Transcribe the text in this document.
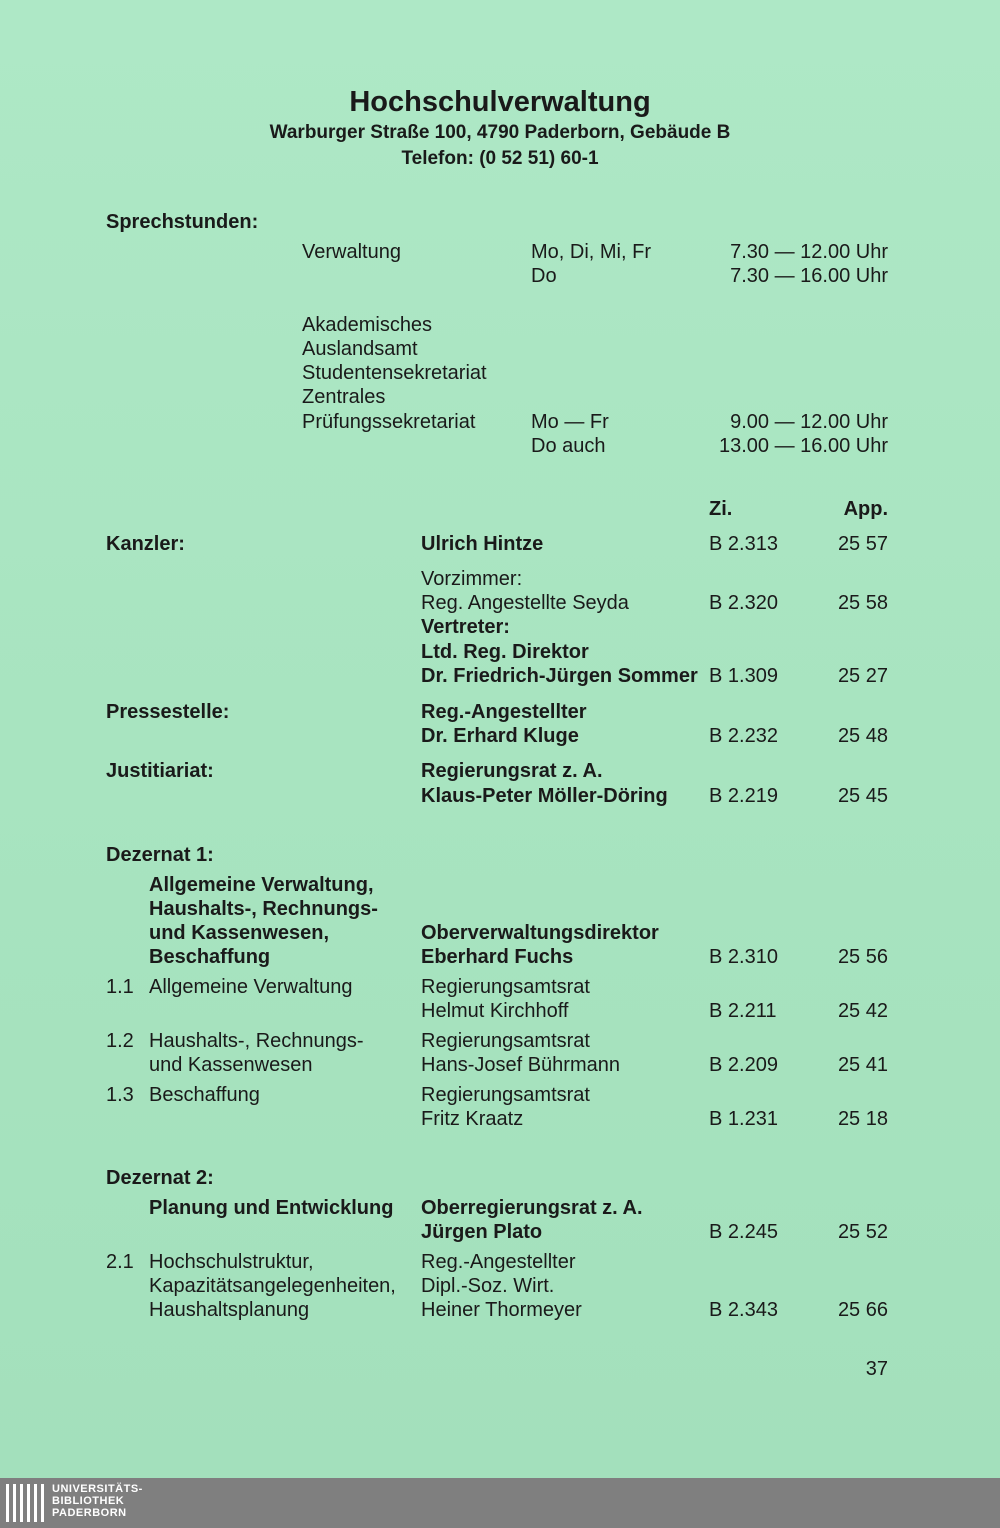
Hochschulverwaltung
Warburger Straße 100, 4790 Paderborn, Gebäude B
Telefon: (0 52 51) 60-1
Sprechstunden:
Verwaltung	Mo, Di, Mi, Fr	7.30 — 12.00 Uhr
Do	7.30 — 16.00 Uhr
Akademisches
Auslandsamt
Studentensekretariat
Zentrales
Prüfungssekretariat	Mo — Fr	9.00 — 12.00 Uhr
Do auch	13.00 — 16.00 Uhr
Zi.	App.
Kanzler:	Ulrich Hintze	B 2.313	25 57
Vorzimmer:
Reg. Angestellte Seyda	B 2.320	25 58
Vertreter:
Ltd. Reg. Direktor
Dr. Friedrich-Jürgen Sommer B 1.309	25 27
Pressestelle:	Reg.-Angestellter
Dr. Erhard Kluge	B 2.232	25 48
Justitiariat:	Regierungsrat z. A.
Klaus-Peter Möller-Döring B 2.219	25 45
Dezernat 1:
Allgemeine Verwaltung,
Haushalts-, Rechnungs-
und Kassenwesen,
Beschaffung
Oberverwaltungsdirektor
Eberhard Fuchs	B 2.310	25 56
1.1 Allgemeine Verwaltung	Regierungsamtsrat
Helmut Kirchhoff	B 2.211	25 42
1.2 Haushalts-, Rechnungs-
und Kassenwesen
Regierungsamtsrat
Hans-Josef Bührmann	B 2.209	25 41
1.3 Beschaffung	Regierungsamtsrat
Fritz Kraatz	B 1.231	25 18
Dezernat 2:
Planung und Entwicklung Oberregierungsrat z. A.
Jürgen Plato	B 2.245	25 52
2.1 Hochschulstruktur,
Kapazitätsangelegenheiten,
Haushaltsplanung
Reg.-Angestellter
Dipl.-Soz. Wirt.
Heiner Thormeyer	B 2.343	25 66
37
UNIVERSITÄTS-
BIBLIOTHEK
PADERBORN
